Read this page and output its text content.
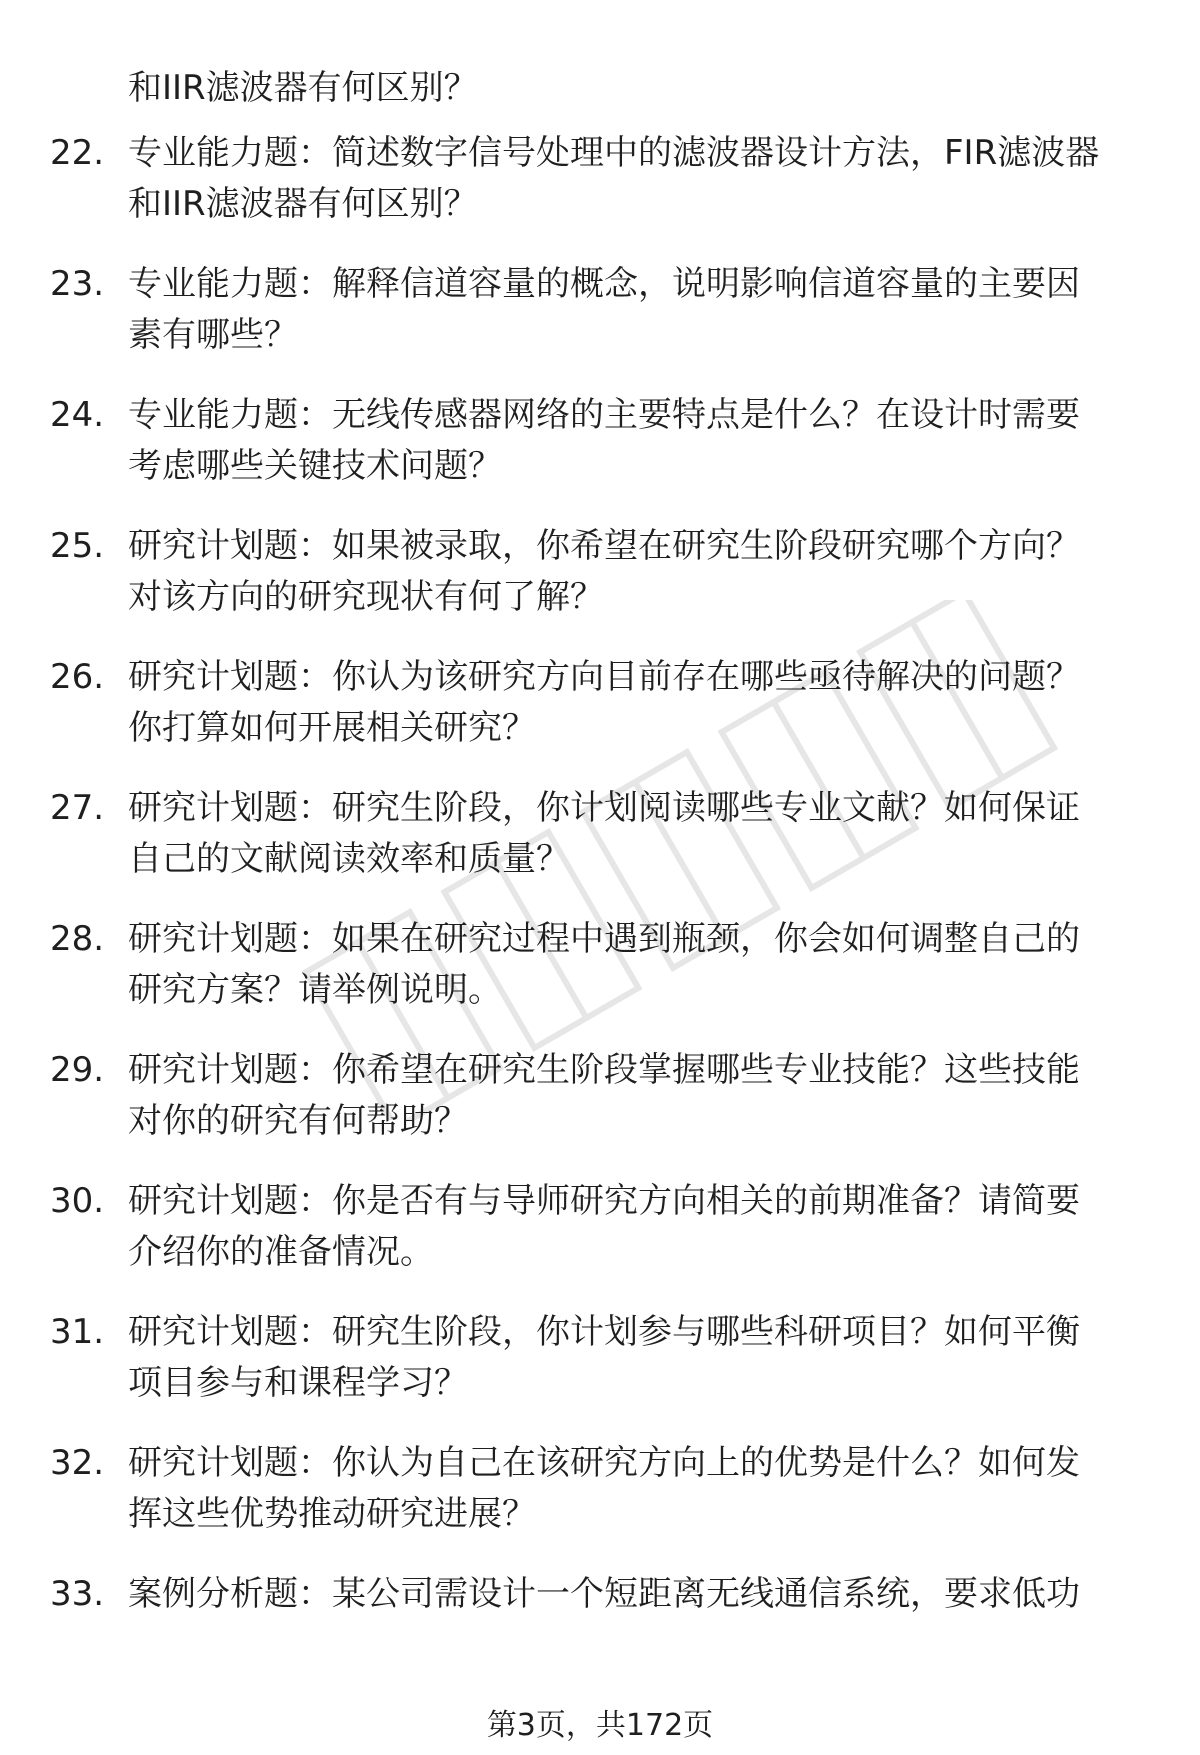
和IIR滤波器有何区别？
22. 专业能力题：简述数字信号处理中的滤波器设计方法，FIR滤波器
和IIR滤波器有何区别？
23. 专业能力题：解释信道容量的概念，说明影响信道容量的主要因
素有哪些？
24. 专业能力题：无线传感器网络的主要特点是什么？在设计时需要
考虑哪些关键技术问题？
25. 研究计划题：如果被录取，你希望在研究生阶段研究哪个方向？
对该方向的研究现状有何了解？
26. 研究计划题：你认为该研究方向目前存在哪些亟待解决的问题？
你打算如何开展相关研究？
27. 研究计划题：研究生阶段，你计划阅读哪些专业文献？如何保证
自己的文献阅读效率和质量？
28. 研究计划题：如果在研究过程中遇到瓶颈，你会如何调整自己的
研究方案？请举例说明。
29. 研究计划题：你希望在研究生阶段掌握哪些专业技能？这些技能
对你的研究有何帮助？
30. 研究计划题：你是否有与导师研究方向相关的前期准备？请简要
介绍你的准备情况。
31. 研究计划题：研究生阶段，你计划参与哪些科研项目？如何平衡
项目参与和课程学习？
32. 研究计划题：你认为自己在该研究方向上的优势是什么？如何发
挥这些优势推动研究进展？
33. 案例分析题：某公司需设计一个短距离无线通信系统，要求低功
第3页，共172页
